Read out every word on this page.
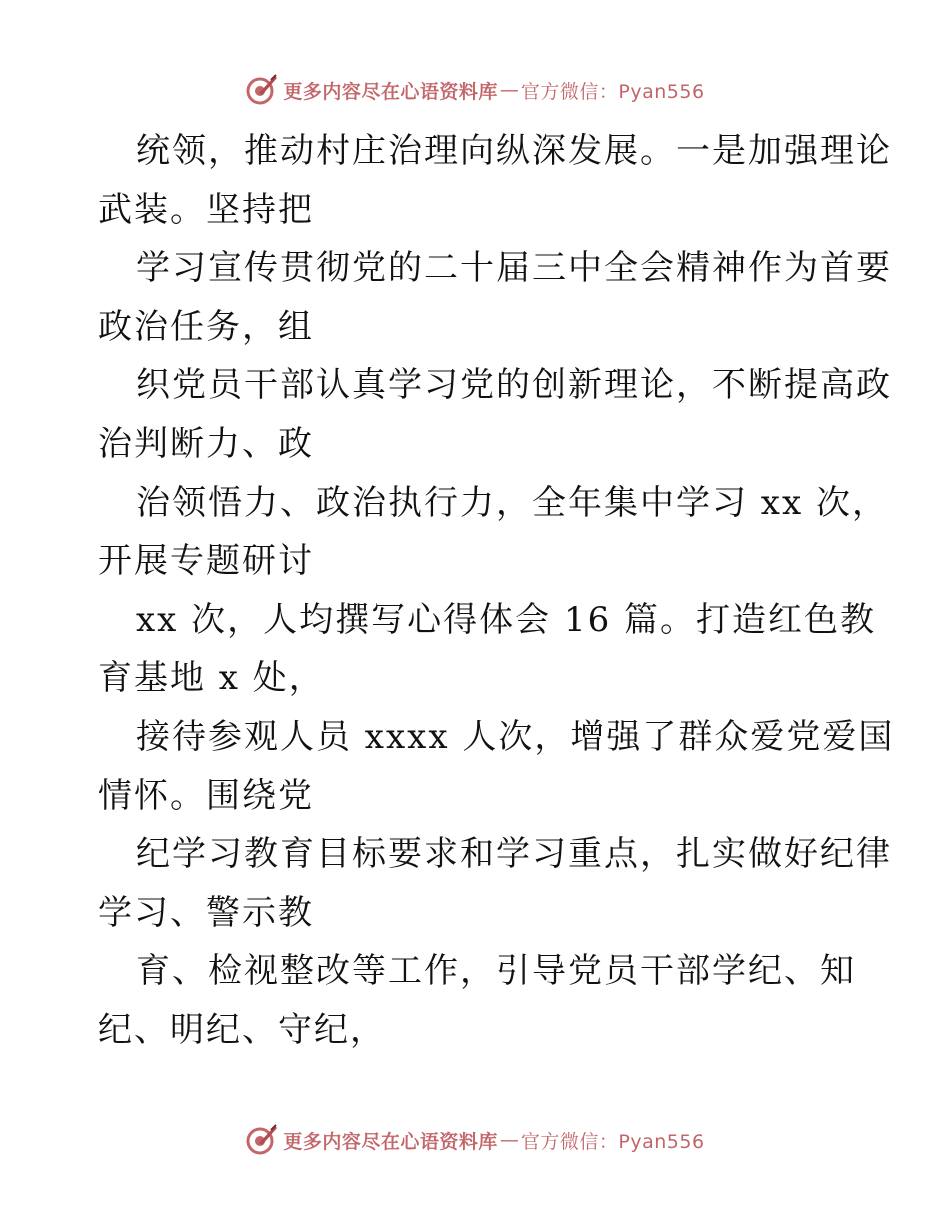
更多内容尽在心语资料库 — 官方微信：Pyan556
统领，推动村庄治理向纵深发展。一是加强理论
武装。坚持把
学习宣传贯彻党的二十届三中全会精神作为首要
政治任务，组
织党员干部认真学习党的创新理论，不断提高政
治判断力、政
治领悟力、政治执行力，全年集中学习 xx 次，
开展专题研讨
xx 次，人均撰写心得体会 16 篇。打造红色教
育基地 x 处，
接待参观人员 xxxx 人次，增强了群众爱党爱国
情怀。围绕党
纪学习教育目标要求和学习重点，扎实做好纪律
学习、警示教
育、检视整改等工作，引导党员干部学纪、知
纪、明纪、守纪，
更多内容尽在心语资料库 — 官方微信：Pyan556
